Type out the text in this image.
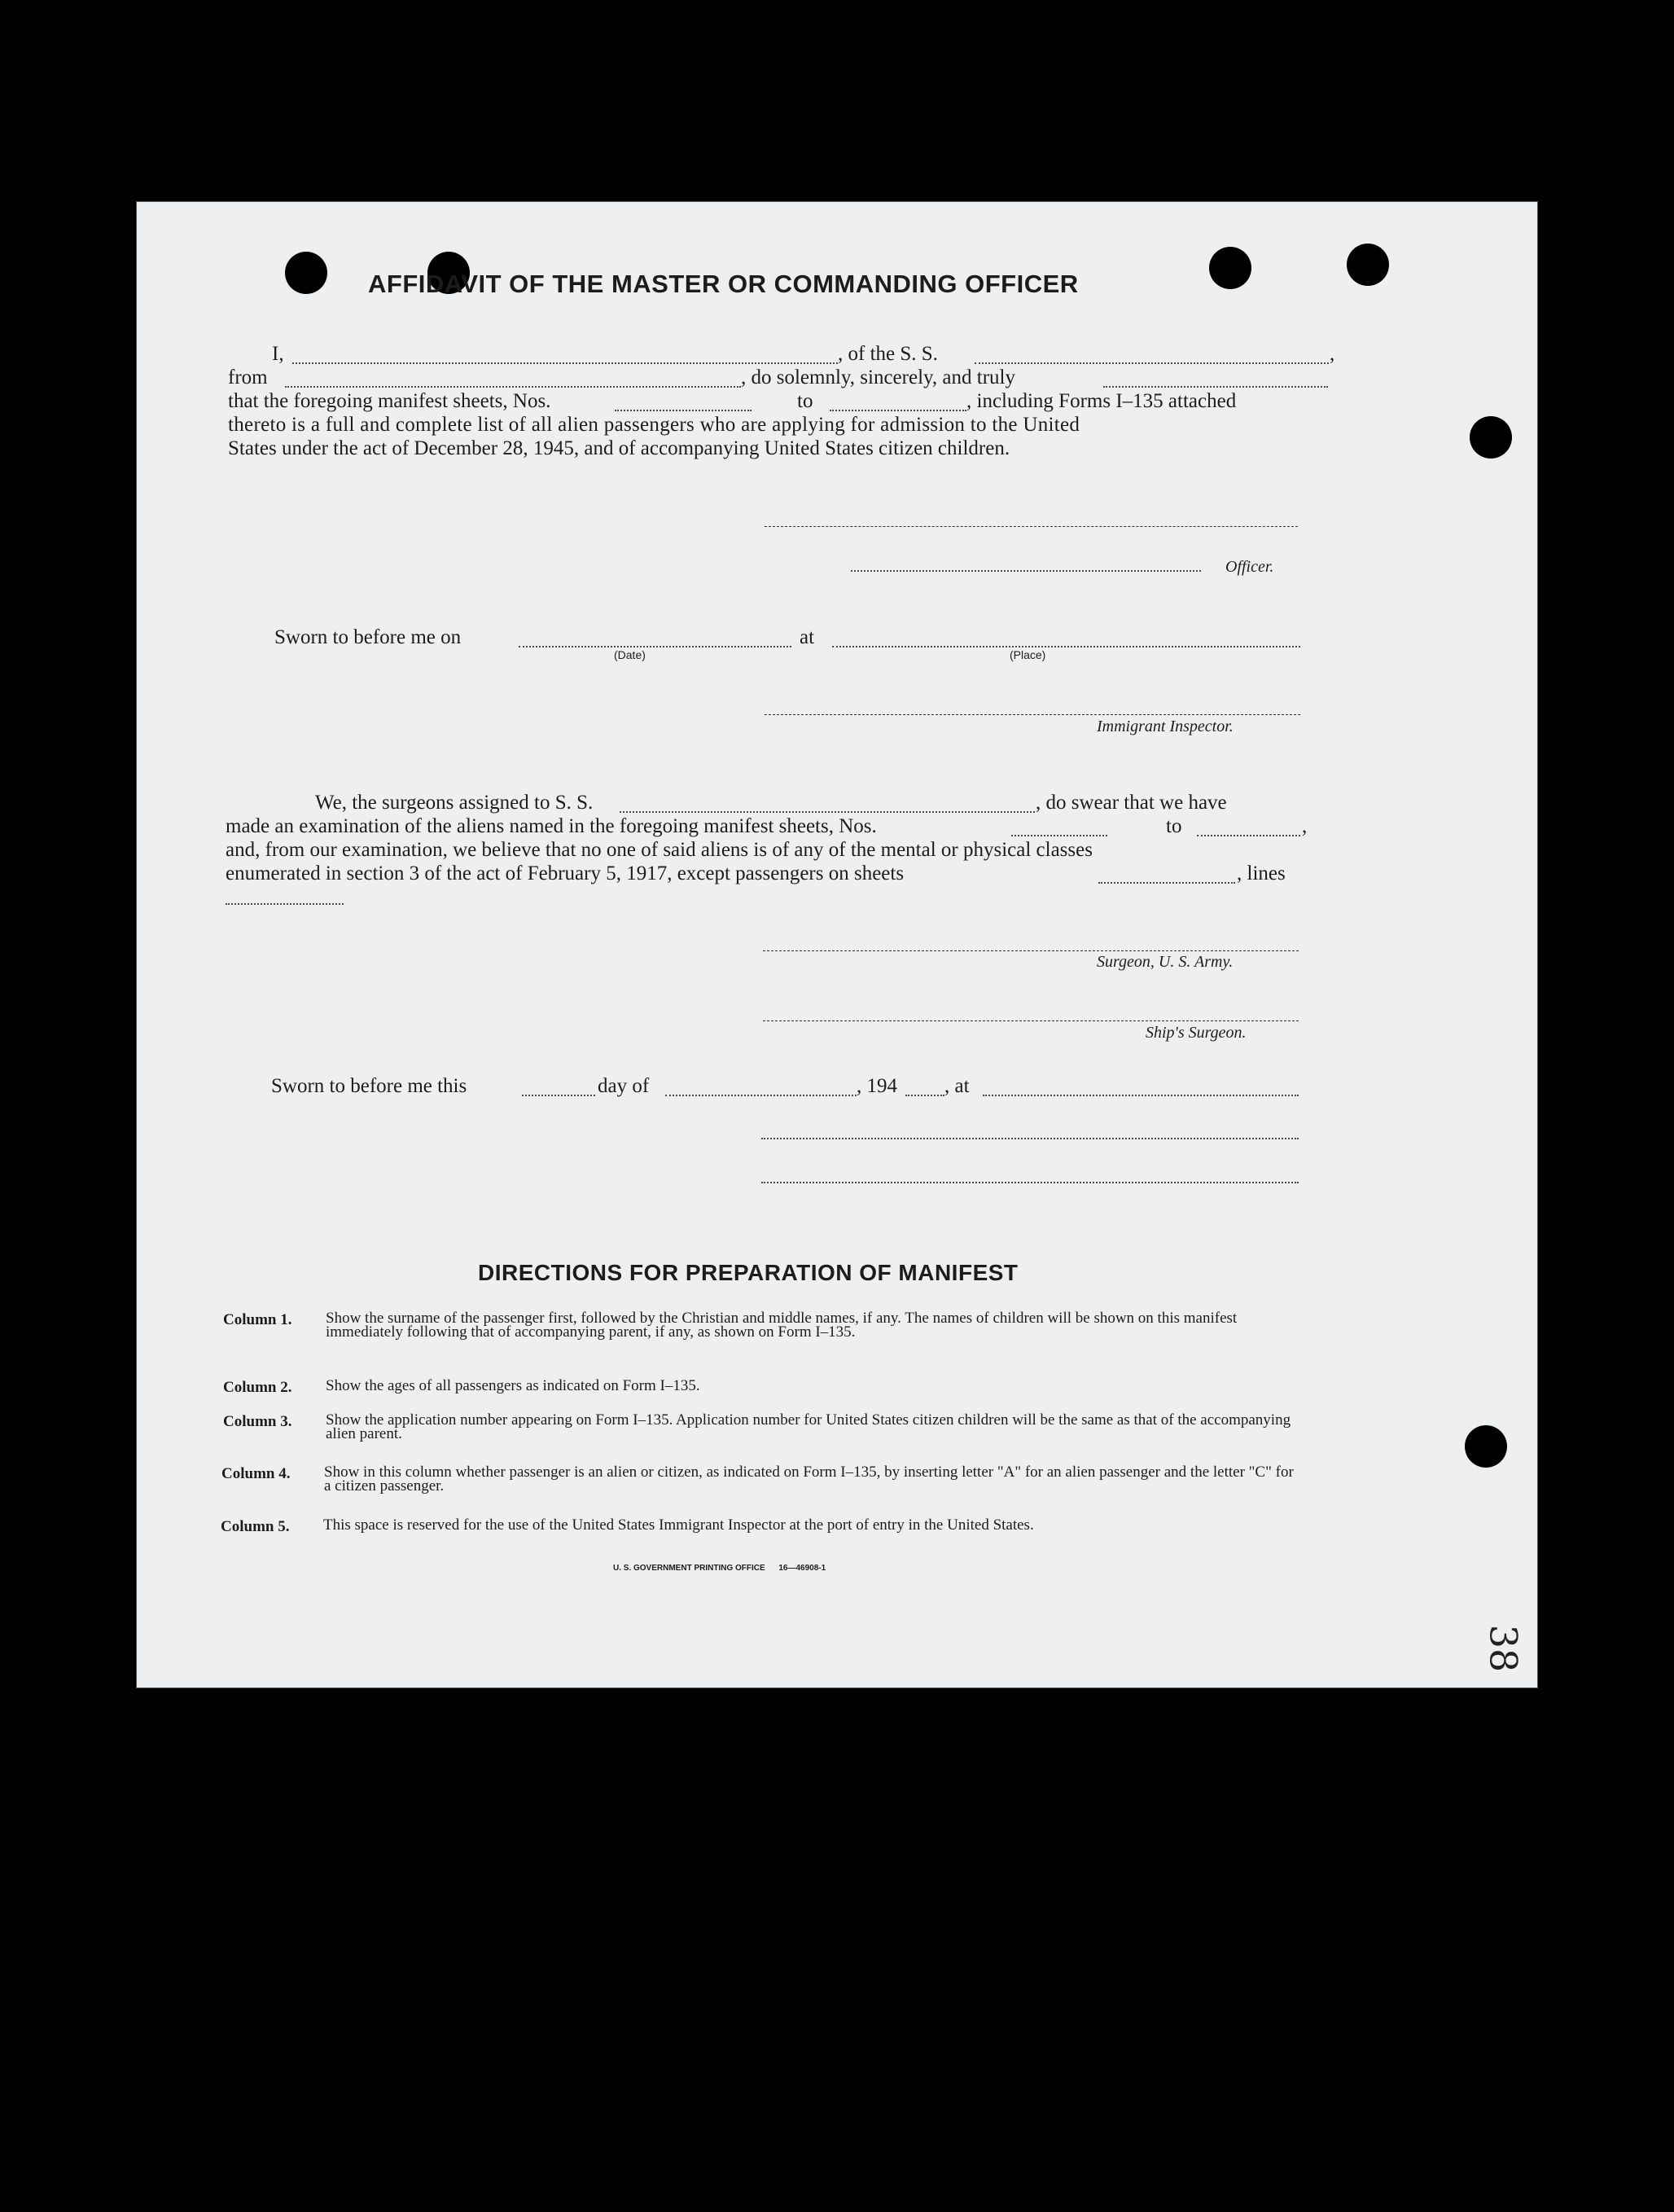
AFFIDAVIT OF THE MASTER OR COMMANDING OFFICER
I,	, of the S. S.	,
from	, do solemnly, sincerely, and truly
that the foregoing manifest sheets, Nos.	to	, including Forms I–135 attached
thereto is a full and complete list of all alien passengers who are applying for admission to the United
States under the act of December 28, 1945, and of accompanying United States citizen children.
Officer.
Sworn to before me on
(Date)
at
(Place)
Immigrant Inspector.
We, the surgeons assigned to S. S.	, do swear that we have
made an examination of the aliens named in the foregoing manifest sheets, Nos.	to	,
and, from our examination, we believe that no one of said aliens is of any of the mental or physical classes
enumerated in section 3 of the act of February 5, 1917, except passengers on sheets	, lines
Surgeon, U. S. Army.
Ship's Surgeon.
Sworn to before me this	day of	, 194 , at
DIRECTIONS FOR PREPARATION OF MANIFEST
Column 1. Show the surname of the passenger first, followed by the Christian and middle names, if any. The names of children will be shown on this manifest immediately following that of accompanying parent, if any, as shown on Form I–135.
Column 2. Show the ages of all passengers as indicated on Form I–135.
Column 3. Show the application number appearing on Form I–135. Application number for United States citizen children will be the same as that of the accompanying alien parent.
Column 4. Show in this column whether passenger is an alien or citizen, as indicated on Form I–135, by inserting letter "A" for an alien passenger and the letter "C" for a citizen passenger.
Column 5. This space is reserved for the use of the United States Immigrant Inspector at the port of entry in the United States.
U. S. GOVERNMENT PRINTING OFFICE      16—46908-1
38
